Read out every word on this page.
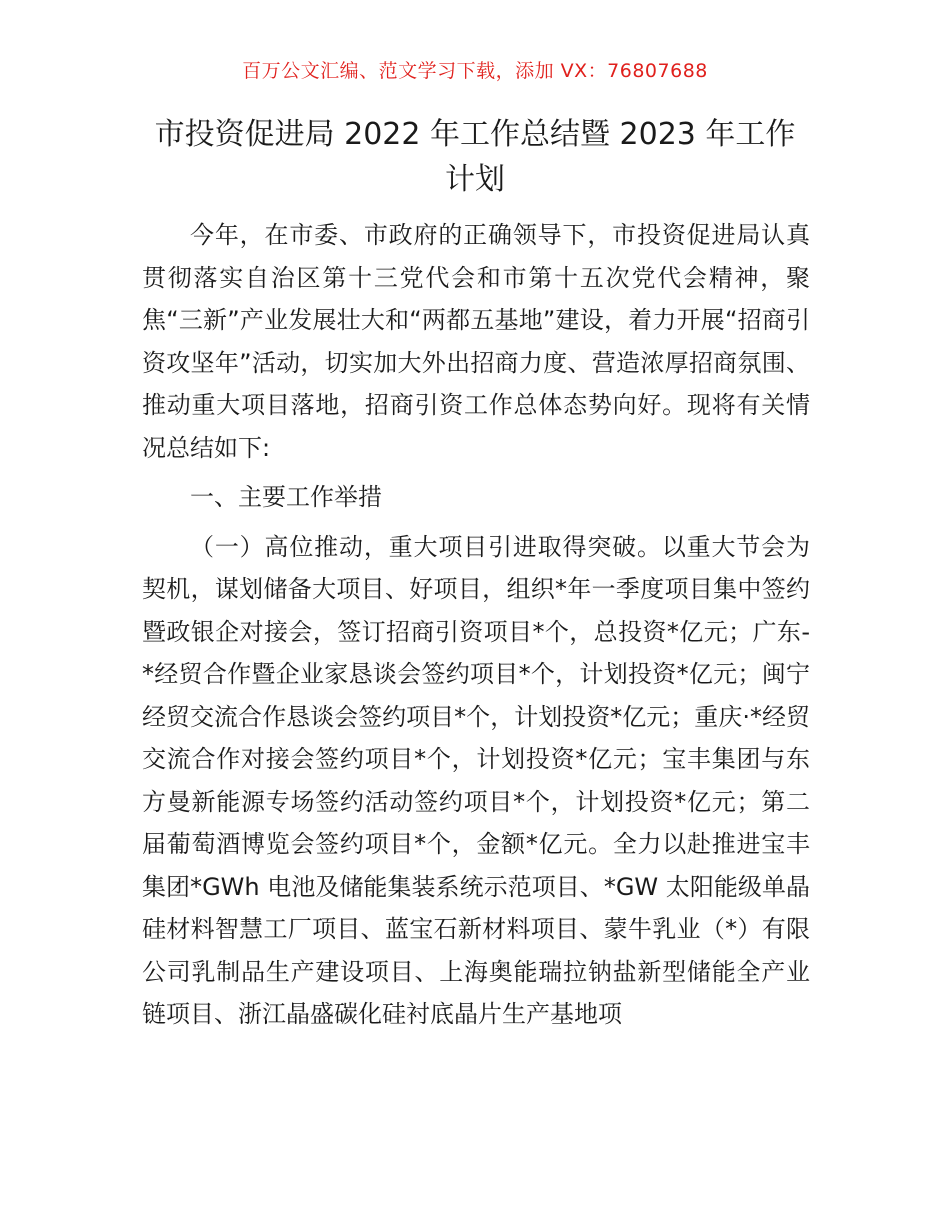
百万公文汇编、范文学习下载，添加 VX：76807688
市投资促进局 2022 年工作总结暨 2023 年工作计划

今年，在市委、市政府的正确领导下，市投资促进局认真贯彻落实自治区第十三党代会和市第十五次党代会精神，聚焦“三新”产业发展壮大和“两都五基地”建设，着力开展“招商引资攻坚年”活动，切实加大外出招商力度、营造浓厚招商氛围、推动重大项目落地，招商引资工作总体态势向好。现将有关情况总结如下:

一、主要工作举措

（一）高位推动，重大项目引进取得突破。以重大节会为契机，谋划储备大项目、好项目，组织*年一季度项目集中签约暨政银企对接会，签订招商引资项目*个，总投资*亿元；广东-*经贸合作暨企业家恳谈会签约项目*个，计划投资*亿元；闽宁经贸交流合作恳谈会签约项目*个，计划投资*亿元；重庆·*经贸交流合作对接会签约项目*个，计划投资*亿元；宝丰集团与东方曼新能源专场签约活动签约项目*个，计划投资*亿元；第二届葡萄酒博览会签约项目*个，金额*亿元。全力以赴推进宝丰集团*GWh 电池及储能集装系统示范项目、*GW 太阳能级单晶硅材料智慧工厂项目、蓝宝石新材料项目、蒙牛乳业（*）有限公司乳制品生产建设项目、上海奥能瑞拉钠盐新型储能全产业链项目、浙江晶盛碳化硅衬底晶片生产基地项
